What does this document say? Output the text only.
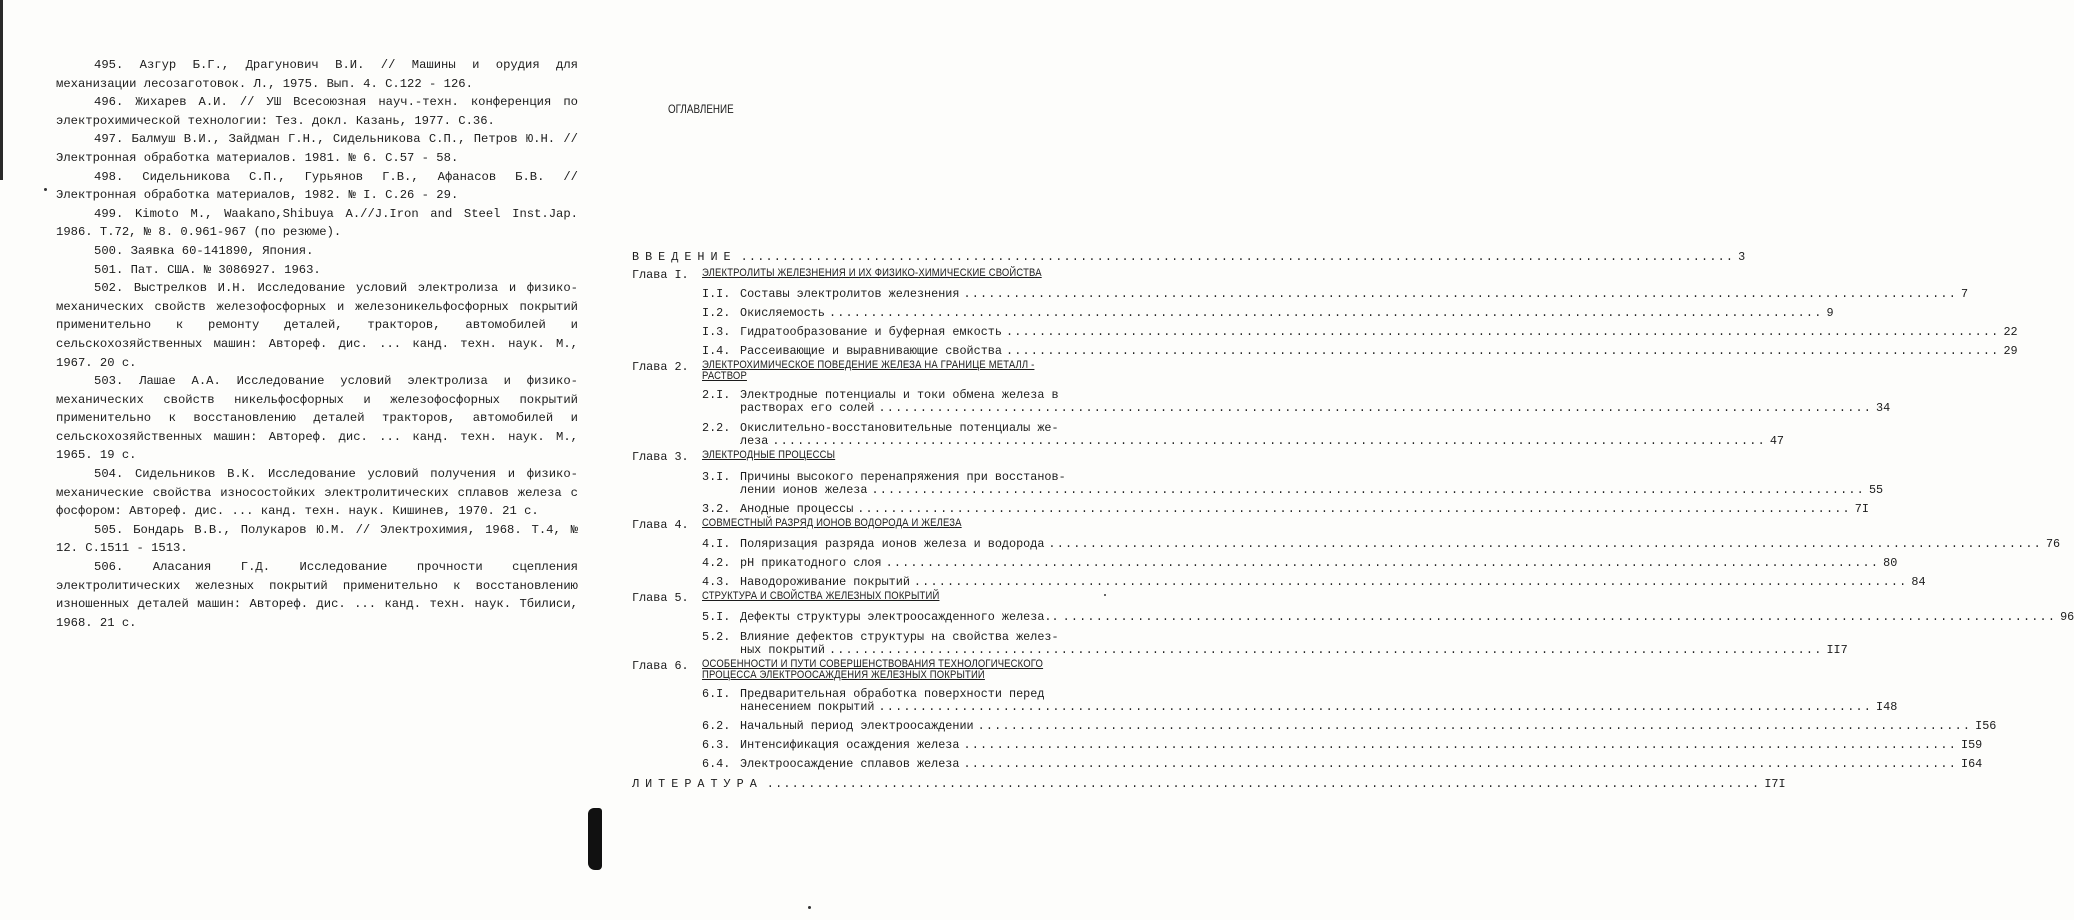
495. Азгур Б.Г., Драгунович В.И. // Машины и орудия для механизации лесозаготовок. Л., 1975. Вып. 4. С.122 - 126.

496. Жихарев А.И. // УШ Всесоюзная науч.-техн. конференция по электрохимической технологии: Тез. докл. Казань, 1977. С.36.

497. Балмуш В.И., Зайдман Г.Н., Сидельникова С.П., Петров Ю.Н. // Электронная обработка материалов. 1981. № 6. С.57 - 58.

498. Сидельникова С.П., Гурьянов Г.В., Афанасов Б.В. // Электронная обработка материалов, 1982. № I. С.26 - 29.

499. Kimoto M., Waakano,Shibuya A.//J.Iron and Steel Inst.Jap. 1986. T.72, № 8. 0.961-967 (по резюме).

500. Заявка 60-141890, Япония.

501. Пат. США. № 3086927. 1963.

502. Выстрелков И.Н. Исследование условий электролиза и физико-механических свойств железофосфорных и железоникельфосфорных покрытий применительно к ремонту деталей, тракторов, автомобилей и сельскохозяйственных машин: Автореф. дис. ... канд. техн. наук. М., 1967. 20 с.

503. Лашае А.А. Исследование условий электролиза и физико-механических свойств никельфосфорных и железофосфорных покрытий применительно к восстановлению деталей тракторов, автомобилей и сельскохозяйственных машин: Автореф. дис. ... канд. техн. наук. М., 1965. 19 с.

504. Сидельников В.К. Исследование условий получения и физико-механические свойства износостойких электролитических сплавов железа с фосфором: Автореф. дис. ... канд. техн. наук. Кишинев, 1970. 21 с.

505. Бондарь В.В., Полукаров Ю.М. // Электрохимия, 1968. Т.4, № 12. С.1511 - 1513.

506. Аласания Г.Д. Исследование прочности сцепления электролитических железных покрытий применительно к восстановлению изношенных деталей машин: Автореф. дис. ... канд. техн. наук. Тбилиси, 1968. 21 с.

ОГЛАВЛЕНИЕ
ВВЕДЕНИЕ ........................................................................................................................ 3
Глава I.	ЭЛЕКТРОЛИТЫ ЖЕЛЕЗНЕНИЯ И ИХ ФИЗИКО-ХИМИЧЕСКИЕ СВОЙСТВА
I.I. Составы электролитов железнения ........................................................................................................................ 7
I.2. Окисляемость ........................................................................................................................ 9
I.3. Гидратообразование и буферная емкость ........................................................................................................................ 22
I.4. Рассеивающие и выравнивающие свойства ........................................................................................................................ 29
Глава 2.	ЭЛЕКТРОХИМИЧЕСКОЕ ПОВЕДЕНИЕ ЖЕЛЕЗА НА ГРАНИЦЕ МЕТАЛЛ - РАСТВОР
2.I. Электродные потенциалы и токи обмена железа в
растворах его солей ........................................................................................................................ 34
2.2. Окислительно-восстановительные потенциалы же-
леза ........................................................................................................................ 47
Глава 3.	ЭЛЕКТРОДНЫЕ ПРОЦЕССЫ
3.I. Причины высокого перенапряжения при восстанов-
лении ионов железа ........................................................................................................................ 55
3.2. Анодные процессы ........................................................................................................................ 7I
Глава 4.	СОВМЕСТНЫЙ РАЗРЯД ИОНОВ ВОДОРОДА И ЖЕЛЕЗА
4.I. Поляризация разряда ионов железа и водорода ........................................................................................................................ 76
4.2. pH прикатодного слоя ........................................................................................................................ 80
4.3. Наводороживание покрытий ........................................................................................................................ 84
Глава 5.	СТРУКТУРА И СВОЙСТВА ЖЕЛЕЗНЫХ ПОКРЫТИЙ
5.I. Дефекты структуры электроосажденного железа.. ........................................................................................................................ 96
5.2. Влияние дефектов структуры на свойства желез-
ных покрытий ........................................................................................................................ II7
Глава 6.	ОСОБЕННОСТИ И ПУТИ СОВЕРШЕНСТВОВАНИЯ ТЕХНОЛОГИЧЕСКОГО ПРОЦЕССА ЭЛЕКТРООСАЖДЕНИЯ ЖЕЛЕЗНЫХ ПОКРЫТИЙ
6.I. Предварительная обработка поверхности перед
нанесением покрытий ........................................................................................................................ I48
6.2. Начальный период электроосаждении ........................................................................................................................ I56
6.3. Интенсификация осаждения железа ........................................................................................................................ I59
6.4. Электроосаждение сплавов железа ........................................................................................................................ I64
ЛИТЕРАТУРА ........................................................................................................................ I7I
